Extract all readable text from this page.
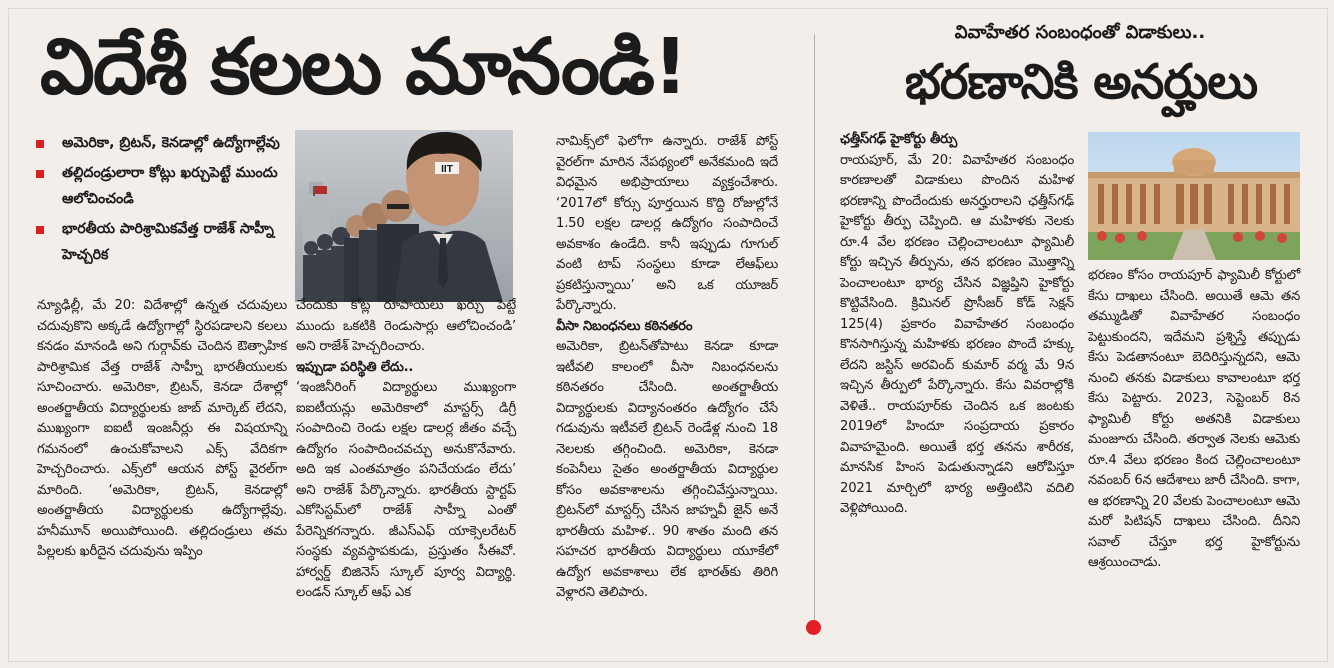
విదేశీ కలలు మానండి!
అమెరికా, బ్రిటన్, కెనడాల్లో ఉద్యోగాల్లేవు
తల్లిదండ్రులారా కోట్లు ఖర్చుపెట్టే ముందు ఆలోచించండి
భారతీయ పారిశ్రామికవేత్త రాజేశ్ సాహ్నీ హెచ్చరిక
IIT

న్యూఢిల్లీ, మే 20: విదేశాల్లో ఉన్నత చదువులు చదువుకొని అక్కడే ఉద్యోగాల్లో స్థిరపడాలని కలలు కనడం మానండి అని గుర్గావ్‌కు చెందిన ఔత్సాహిక పారిశ్రామిక వేత్త రాజేశ్ సాహ్నీ భారతీయులకు సూచించారు. అమెరికా, బ్రిటన్, కెనడా దేశాల్లో అంతర్జాతీయ విద్యార్థులకు జాబ్ మార్కెట్ లేదని, ముఖ్యంగా ఐఐటీ ఇంజనీర్లు ఈ విషయాన్ని గమనంలో ఉంచుకోవాలని ఎక్స్ వేదికగా హెచ్చరించారు. ఎక్స్‌లో ఆయన పోస్ట్ వైరల్‌గా మారింది. ‘అమెరికా, బ్రిటన్, కెనడాల్లో అంతర్జాతీయ విద్యార్థులకు ఉద్యోగాల్లేవు. హనీమూన్ అయిపోయింది. తల్లిదండ్రులు తమ పిల్లలకు ఖరీదైన చదువును ఇప్పిం

చేందుకు కోట్ల రూపాయలు ఖర్చు పెట్టే ముందు ఒకటికి రెండుసార్లు ఆలోచించండి’ అని రాజేశ్ హెచ్చరించారు.

ఇప్పుడా పరిస్థితి లేదు..

‘ఇంజినీరింగ్ విద్యార్థులు ముఖ్యంగా ఐఐటీయన్లు అమెరికాలో మాస్టర్స్ డిగ్రీ సంపాదించి రెండు లక్షల డాలర్ల జీతం వచ్చే ఉద్యోగం సంపాదించవచ్చు అనుకొనేవారు. అది ఇక ఎంతమాత్రం పనిచేయడం లేదు’ అని రాజేశ్ పేర్కొన్నారు. భారతీయ స్టార్టప్ ఎకోసిస్టమ్‌లో రాజేశ్ సాహ్నీ ఎంతో పేరెన్నికగన్నారు. జీఎస్‌ఎఫ్ యాక్సెలరేటర్ సంస్థకు వ్యవస్థాపకుడు, ప్రస్తుతం సీఈవో. హార్వర్డ్ బిజినెస్ స్కూల్ పూర్వ విద్యార్థి. లండన్ స్కూల్ ఆఫ్ ఎక

నామిక్స్‌లో ఫెలోగా ఉన్నారు. రాజేశ్ పోస్ట్ వైరల్‌గా మారిన నేపథ్యంలో అనేకమంది ఇదే విధమైన అభిప్రాయాలు వ్యక్తంచేశారు. ‘2017లో కోర్సు పూర్తయిన కొద్ది రోజుల్లోనే 1.50 లక్షల డాలర్ల ఉద్యోగం సంపాదించే అవకాశం ఉండేది. కానీ ఇప్పుడు గూగుల్ వంటి టాప్ సంస్థలు కూడా లేఆఫ్‌లు ప్రకటిస్తున్నాయి’ అని ఒక యూజర్ పేర్కొన్నారు.

వీసా నిబంధనలు కఠినతరం

అమెరికా, బ్రిటన్‌తోపాటు కెనడా కూడా ఇటీవలి కాలంలో వీసా నిబంధనలను కఠినతరం చేసింది. అంతర్జాతీయ విద్యార్థులకు విద్యానంతరం ఉద్యోగం చేసే గడువును ఇటీవలే బ్రిటన్ రెండేళ్ల నుంచి 18 నెలలకు తగ్గించింది. అమెరికా, కెనడా కంపెనీలు సైతం అంతర్జాతీయ విద్యార్థుల కోసం అవకాశాలను తగ్గించివేస్తున్నాయి. బ్రిటన్‌లో మాస్టర్స్ చేసిన జాహ్నవీ జైన్ అనే భారతీయ మహిళ.. 90 శాతం మంది తన సహచర భారతీయ విద్యార్థులు యూకేలో ఉద్యోగ అవకాశాలు లేక భారత్‌కు తిరిగి వెళ్లారని తెలిపారు.

వివాహేతర సంబంధంతో విడాకులు..
భరణానికి అనర్హులు

ఛత్తీస్‌గఢ్ హైకోర్టు తీర్పు

రాయపూర్, మే 20: వివాహేతర సంబంధం కారణాలతో విడాకులు పొందిన మహిళ భరణాన్ని పొందేందుకు అనర్హురాలని ఛత్తీస్‌గఢ్ హైకోర్టు తీర్పు చెప్పింది. ఆ మహిళకు నెలకు రూ.4 వేల భరణం చెల్లించాలంటూ ఫ్యామిలీ కోర్టు ఇచ్చిన తీర్పును, తన భరణం మొత్తాన్ని పెంచాలంటూ భార్య చేసిన విజ్ఞప్తిని హైకోర్టు కొట్టివేసింది. క్రిమినల్ ప్రొసీజర్ కోడ్ సెక్షన్ 125(4) ప్రకారం వివాహేతర సంబంధం కొనసాగిస్తున్న మహిళకు భరణం పొందే హక్కు లేదని జస్టిస్ అరవింద్ కుమార్ వర్మ మే 9న ఇచ్చిన తీర్పులో పేర్కొన్నారు. కేసు వివరాల్లోకి వెళితే.. రాయపూర్‌కు చెందిన ఒక జంటకు 2019లో హిందూ సంప్రదాయ ప్రకారం వివాహమైంది. అయితే భర్త తనను శారీరక, మానసిక హింస పెడుతున్నాడని ఆరోపిస్తూ 2021 మార్చిలో భార్య అత్తింటిని వదిలి వెళ్లిపోయింది.

భరణం కోసం రాయపూర్ ఫ్యామిలీ కోర్టులో కేసు దాఖలు చేసింది. అయితే ఆమె తన తమ్ముడితో వివాహేతర సంబంధం పెట్టుకుందని, ఇదేమని ప్రశ్నిస్తే తప్పుడు కేసు పెడతానంటూ బెదిరిస్తున్నదని, ఆమె నుంచి తనకు విడాకులు కావాలంటూ భర్త కేసు పెట్టారు. 2023, సెప్టెంబర్ 8న ఫ్యామిలీ కోర్టు అతనికి విడాకులు మంజూరు చేసింది. తర్వాత నెలకు ఆమెకు రూ.4 వేలు భరణం కింద చెల్లించాలంటూ నవంబర్ 6న ఆదేశాలు జారీ చేసింది. కాగా, ఆ భరణాన్ని 20 వేలకు పెంచాలంటూ ఆమె మరో పిటిషన్ దాఖలు చేసింది. దీనిని సవాల్ చేస్తూ భర్త హైకోర్టును ఆశ్రయించాడు.
